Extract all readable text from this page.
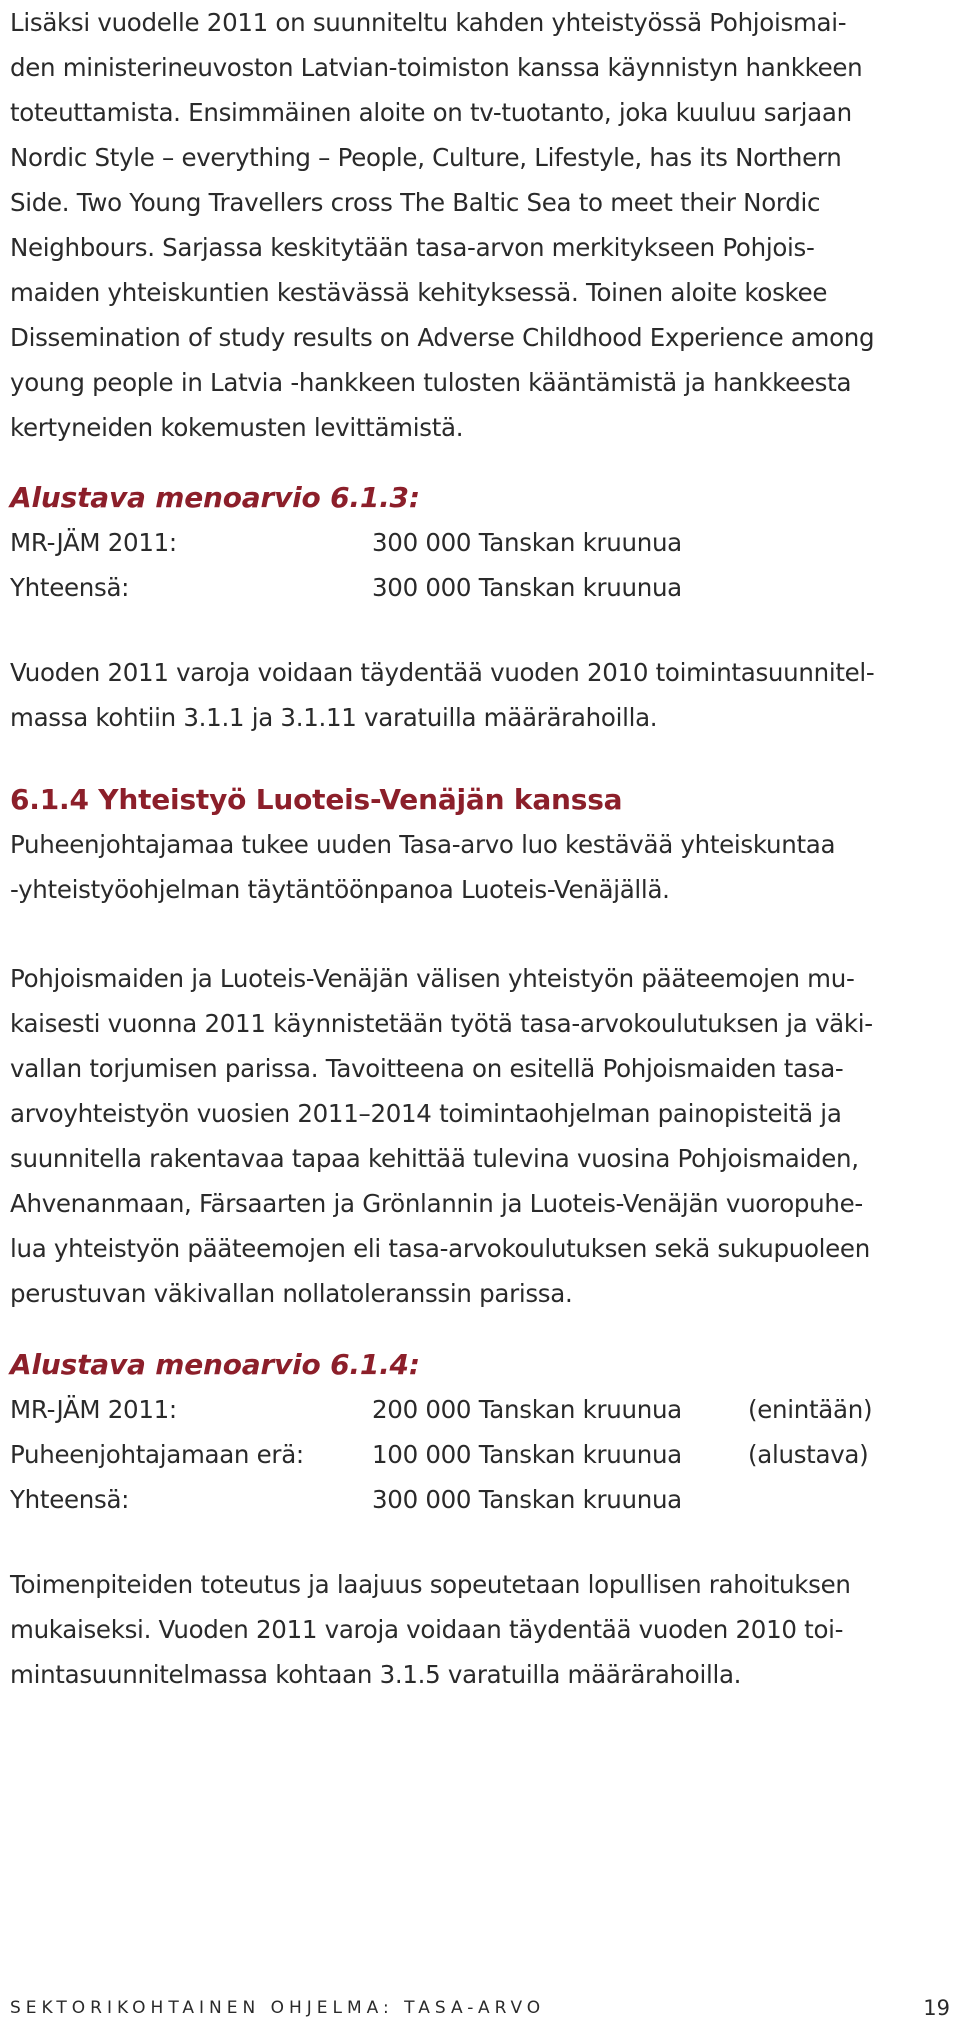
Lisäksi vuodelle 2011 on suunniteltu kahden yhteistyössä Pohjoismai-
den ministerineuvoston Latvian-toimiston kanssa käynnistyn hankkeen
toteuttamista. Ensimmäinen aloite on tv-tuotanto, joka kuuluu sarjaan
Nordic Style – everything – People, Culture, Lifestyle, has its Northern
Side. Two Young Travellers cross The Baltic Sea to meet their Nordic
Neighbours. Sarjassa keskitytään tasa-arvon merkitykseen Pohjois-
maiden yhteiskuntien kestävässä kehityksessä. Toinen aloite koskee
Dissemination of study results on Adverse Childhood Experience among
young people in Latvia -hankkeen tulosten kääntämistä ja hankkeesta
kertyneiden kokemusten levittämistä.

Alustava menoarvio 6.1.3:
MR-JÄM 2011:	300 000 Tanskan kruunua
Yhteensä:	300 000 Tanskan kruunua

Vuoden 2011 varoja voidaan täydentää vuoden 2010 toimintasuunnitel-
massa kohtiin 3.1.1 ja 3.1.11 varatuilla määrärahoilla.

6.1.4 Yhteistyö Luoteis-Venäjän kanssa

Puheenjohtajamaa tukee uuden Tasa-arvo luo kestävää yhteiskuntaa
-yhteistyöohjelman täytäntöönpanoa Luoteis-Venäjällä.

Pohjoismaiden ja Luoteis-Venäjän välisen yhteistyön pääteemojen mu-
kaisesti vuonna 2011 käynnistetään työtä tasa-arvokoulutuksen ja väki-
vallan torjumisen parissa. Tavoitteena on esitellä Pohjoismaiden tasa-
arvoyhteistyön vuosien 2011–2014 toimintaohjelman painopisteitä ja
suunnitella rakentavaa tapaa kehittää tulevina vuosina Pohjoismaiden,
Ahvenanmaan, Färsaarten ja Grönlannin ja Luoteis-Venäjän vuoropuhe-
lua yhteistyön pääteemojen eli tasa-arvokoulutuksen sekä sukupuoleen
perustuvan väkivallan nollatoleranssin parissa.

Alustava menoarvio 6.1.4:
MR-JÄM 2011:	200 000 Tanskan kruunua	(enintään)
Puheenjohtajamaan erä:	100 000 Tanskan kruunua	(alustava)
Yhteensä:	300 000 Tanskan kruunua

Toimenpiteiden toteutus ja laajuus sopeutetaan lopullisen rahoituksen
mukaiseksi. Vuoden 2011 varoja voidaan täydentää vuoden 2010 toi-
mintasuunnitelmassa kohtaan 3.1.5 varatuilla määrärahoilla.

SEKTORIKOHTAINEN OHJELMA: TASA-ARVO	19
